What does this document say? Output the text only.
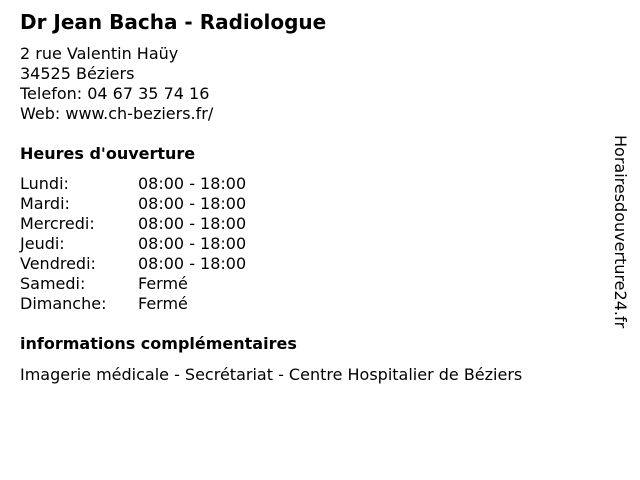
Dr Jean Bacha - Radiologue
2 rue Valentin Haüy
34525 Béziers
Telefon: 04 67 35 74 16
Web: www.ch-beziers.fr/
Heures d'ouverture
Lundi:	08:00 - 18:00
Mardi:	08:00 - 18:00
Mercredi:	08:00 - 18:00
Jeudi:	08:00 - 18:00
Vendredi:	08:00 - 18:00
Samedi:	Fermé
Dimanche:	Fermé
informations complémentaires
Imagerie médicale - Secrétariat - Centre Hospitalier de Béziers
Horairesdouverture24.fr
